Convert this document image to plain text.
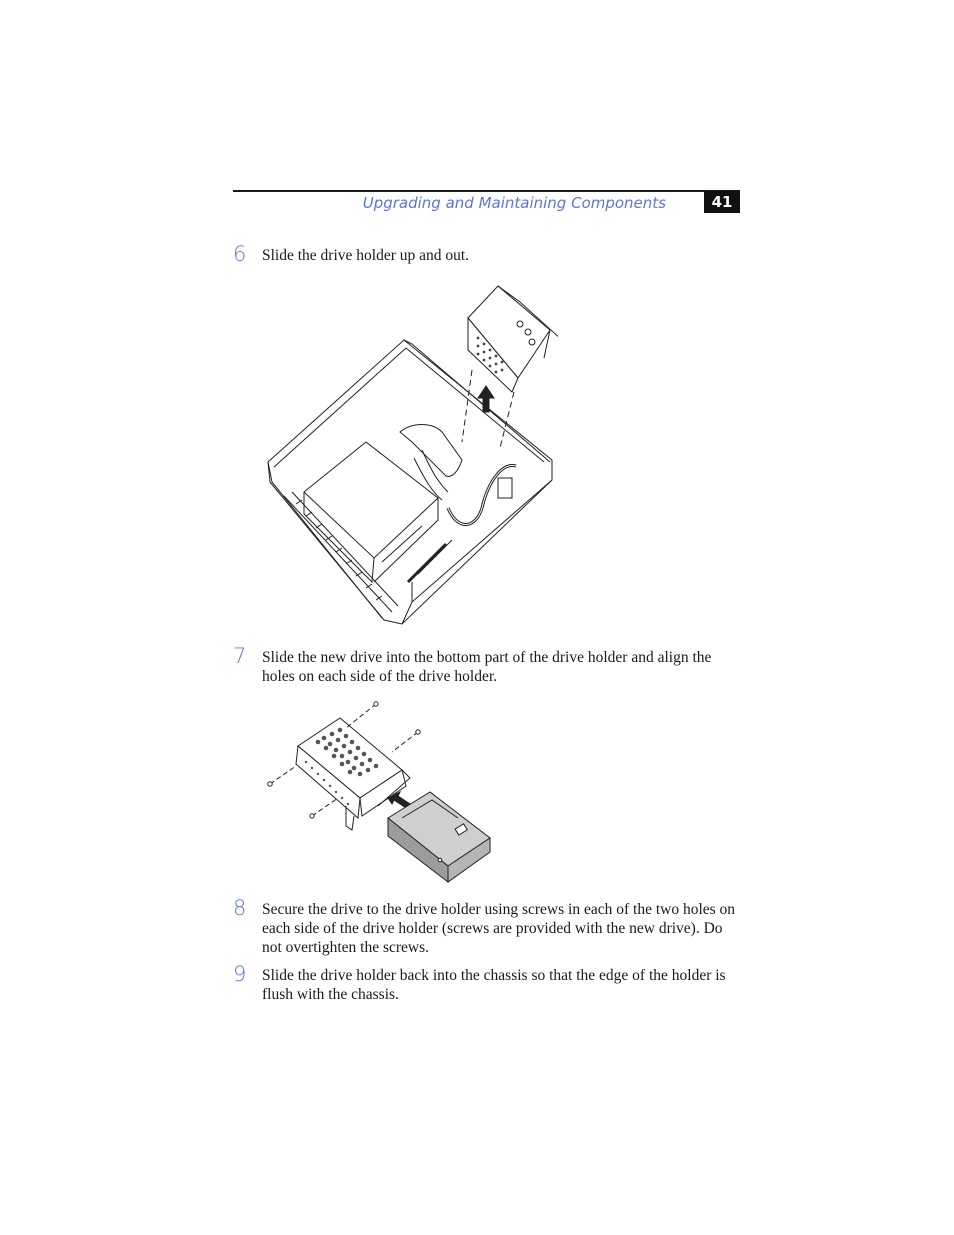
Upgrading and Maintaining Components	41
6 Slide the drive holder up and out.
7 Slide the new drive into the bottom part of the drive holder and align the holes on each side of the drive holder.
8 Secure the drive to the drive holder using screws in each of the two holes on each side of the drive holder (screws are provided with the new drive). Do not overtighten the screws.
9 Slide the drive holder back into the chassis so that the edge of the holder is flush with the chassis.
